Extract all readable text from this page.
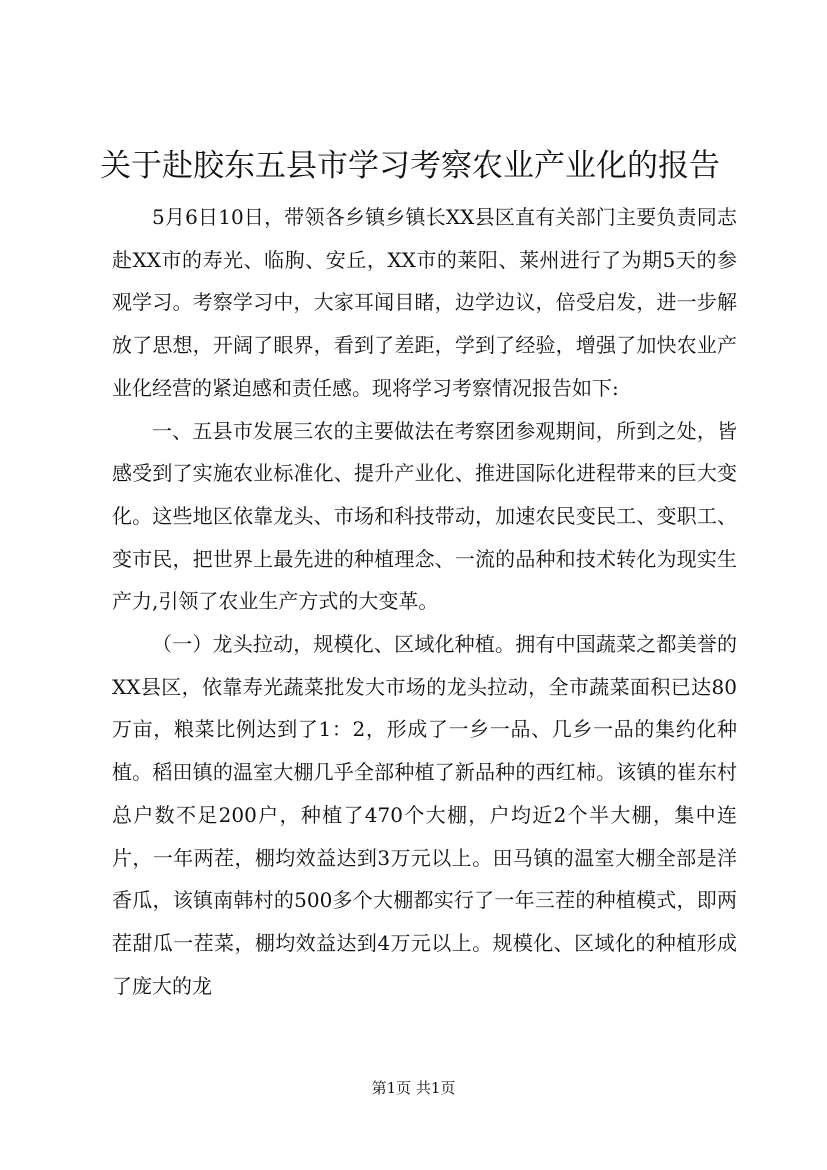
关于赴胶东五县市学习考察农业产业化的报告

5月6日10日，带领各乡镇乡镇长XX县区直有关部门主要负责同志赴XX市的寿光、临朐、安丘，XX市的莱阳、莱州进行了为期5天的参观学习。考察学习中，大家耳闻目睹，边学边议，倍受启发，进一步解放了思想，开阔了眼界，看到了差距，学到了经验，增强了加快农业产业化经营的紧迫感和责任感。现将学习考察情况报告如下:

一、五县市发展三农的主要做法在考察团参观期间，所到之处，皆感受到了实施农业标准化、提升产业化、推进国际化进程带来的巨大变化。这些地区依靠龙头、市场和科技带动，加速农民变民工、变职工、变市民，把世界上最先进的种植理念、一流的品种和技术转化为现实生产力,引领了农业生产方式的大变革。

（一）龙头拉动，规模化、区域化种植。拥有中国蔬菜之都美誉的XX县区，依靠寿光蔬菜批发大市场的龙头拉动，全市蔬菜面积已达80万亩，粮菜比例达到了1：2，形成了一乡一品、几乡一品的集约化种植。稻田镇的温室大棚几乎全部种植了新品种的西红柿。该镇的崔东村总户数不足200户，种植了470个大棚，户均近2个半大棚，集中连片，一年两茬，棚均效益达到3万元以上。田马镇的温室大棚全部是洋香瓜，该镇南韩村的500多个大棚都实行了一年三茬的种植模式，即两茬甜瓜一茬菜，棚均效益达到4万元以上。规模化、区域化的种植形成了庞大的龙

第1页 共1页
